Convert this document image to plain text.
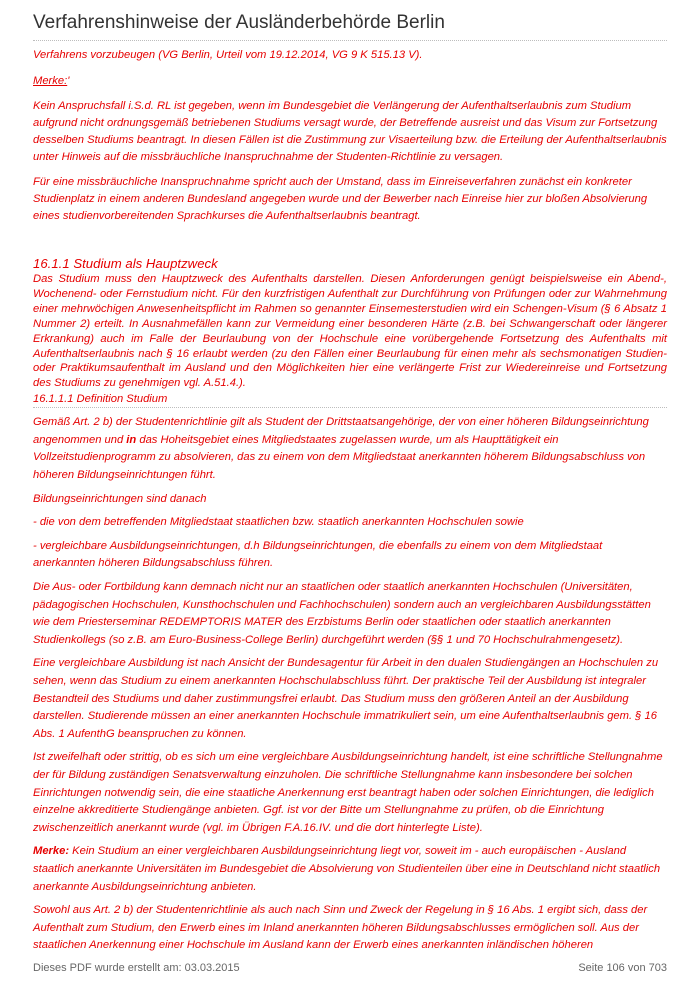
Verfahrenshinweise der Ausländerbehörde Berlin

Verfahrens vorzubeugen (VG Berlin, Urteil vom 19.12.2014, VG 9 K 515.13 V).

Merke:'

Kein Anspruchsfall i.S.d. RL ist gegeben, wenn im Bundesgebiet die Verlängerung der Aufenthaltserlaubnis zum Studium aufgrund nicht ordnungsgemäß betriebenen Studiums versagt wurde, der Betreffende ausreist und das Visum zur Fortsetzung desselben Studiums beantragt. In diesen Fällen ist die Zustimmung zur Visaerteilung bzw. die Erteilung der Aufenthaltserlaubnis unter Hinweis auf die missbräuchliche Inanspruchnahme der Studenten-Richtlinie zu versagen.

Für eine missbräuchliche Inanspruchnahme spricht auch der Umstand, dass im Einreiseverfahren zunächst ein konkreter Studienplatz in einem anderen Bundesland angegeben wurde und der Bewerber nach Einreise hier zur bloßen Absolvierung eines studienvorbereitenden Sprachkurses die Aufenthaltserlaubnis beantragt.

16.1.1 Studium als Hauptzweck

Das Studium muss den Hauptzweck des Aufenthalts darstellen. Diesen Anforderungen genügt beispielsweise ein Abend-, Wochenend- oder Fernstudium nicht. Für den kurzfristigen Aufenthalt zur Durchführung von Prüfungen oder zur Wahrnehmung einer mehrwöchigen Anwesenheitspflicht im Rahmen so genannter Einsemesterstudien wird ein Schengen-Visum (§ 6 Absatz 1 Nummer 2) erteilt. In Ausnahmefällen kann zur Vermeidung einer besonderen Härte (z.B. bei Schwangerschaft oder längerer Erkrankung) auch im Falle der Beurlaubung von der Hochschule eine vorübergehende Fortsetzung des Aufenthalts mit Aufenthaltserlaubnis nach § 16 erlaubt werden (zu den Fällen einer Beurlaubung für einen mehr als sechsmonatigen Studien- oder Praktikumsaufenthalt im Ausland und den Möglichkeiten hier eine verlängerte Frist zur Wiedereinreise und Fortsetzung des Studiums zu genehmigen vgl. A.51.4.).

16.1.1.1 Definition Studium

Gemäß Art. 2 b) der Studentenrichtlinie gilt als Student der Drittstaatsangehörige, der von einer höheren Bildungseinrichtung angenommen und in das Hoheitsgebiet eines Mitgliedstaates zugelassen wurde, um als Haupttätigkeit ein Vollzeitstudienprogramm zu absolvieren, das zu einem von dem Mitgliedstaat anerkannten höherem Bildungsabschluss von höheren Bildungseinrichtungen führt.

Bildungseinrichtungen sind danach

- die von dem betreffenden Mitgliedstaat staatlichen bzw. staatlich anerkannten Hochschulen sowie

- vergleichbare Ausbildungseinrichtungen, d.h Bildungseinrichtungen, die ebenfalls zu einem von dem Mitgliedstaat anerkannten höheren Bildungsabschluss führen.

Die Aus- oder Fortbildung kann demnach nicht nur an staatlichen oder staatlich anerkannten Hochschulen (Universitäten, pädagogischen Hochschulen, Kunsthochschulen und Fachhochschulen) sondern auch an vergleichbaren Ausbildungsstätten wie dem Priesterseminar REDEMPTORIS MATER des Erzbistums Berlin oder staatlichen oder staatlich anerkannten Studienkollegs (so z.B. am Euro-Business-College Berlin) durchgeführt werden (§§ 1 und 70 Hochschulrahmengesetz).

Eine vergleichbare Ausbildung ist nach Ansicht der Bundesagentur für Arbeit in den dualen Studiengängen an Hochschulen zu sehen, wenn das Studium zu einem anerkannten Hochschulabschluss führt. Der praktische Teil der Ausbildung ist integraler Bestandteil des Studiums und daher zustimmungsfrei erlaubt. Das Studium muss den größeren Anteil an der Ausbildung darstellen. Studierende müssen an einer anerkannten Hochschule immatrikuliert sein, um eine Aufenthaltserlaubnis gem. § 16 Abs. 1 AufenthG beanspruchen zu können.

Ist zweifelhaft oder strittig, ob es sich um eine vergleichbare Ausbildungseinrichtung handelt, ist eine schriftliche Stellungnahme der für Bildung zuständigen Senatsverwaltung einzuholen. Die schriftliche Stellungnahme kann insbesondere bei solchen Einrichtungen notwendig sein, die eine staatliche Anerkennung erst beantragt haben oder solchen Einrichtungen, die lediglich einzelne akkreditierte Studiengänge anbieten. Ggf. ist vor der Bitte um Stellungnahme zu prüfen, ob die Einrichtung zwischenzeitlich anerkannt wurde (vgl. im Übrigen F.A.16.IV. und die dort hinterlegte Liste).

Merke: Kein Studium an einer vergleichbaren Ausbildungseinrichtung liegt vor, soweit im - auch europäischen - Ausland staatlich anerkannte Universitäten im Bundesgebiet die Absolvierung von Studienteilen über eine in Deutschland nicht staatlich anerkannte Ausbildungseinrichtung anbieten.

Sowohl aus Art. 2 b) der Studentenrichtlinie als auch nach Sinn und Zweck der Regelung in § 16 Abs. 1 ergibt sich, dass der Aufenthalt zum Studium, den Erwerb eines im Inland anerkannten höheren Bildungsabschlusses ermöglichen soll. Aus der staatlichen Anerkennung einer Hochschule im Ausland kann der Erwerb eines anerkannten inländischen höheren

Dieses PDF wurde erstellt am: 03.03.2015	Seite 106 von 703
